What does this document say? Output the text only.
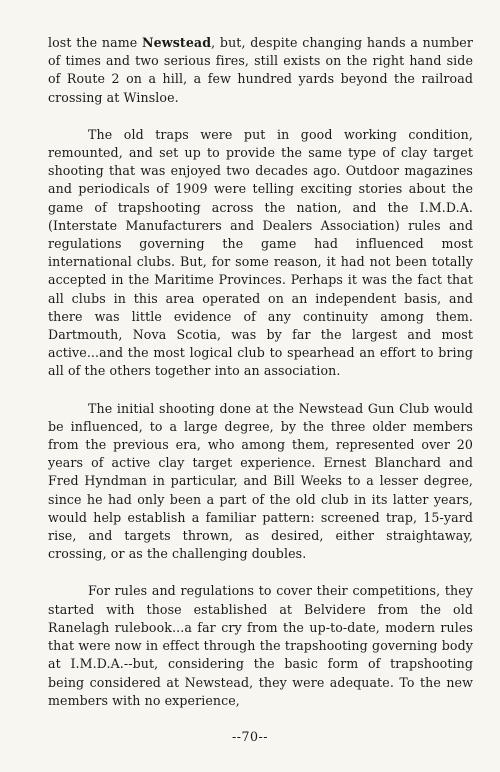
lost the name Newstead, but, despite changing hands a number of times and two serious fires, still exists on the right hand side of Route 2 on a hill, a few hundred yards beyond the railroad crossing at Winsloe.

The old traps were put in good working condition, remounted, and set up to provide the same type of clay target shooting that was enjoyed two decades ago. Outdoor magazines and periodicals of 1909 were telling exciting stories about the game of trapshooting across the nation, and the I.M.D.A. (Interstate Manufacturers and Dealers Association) rules and regulations governing the game had influenced most international clubs. But, for some reason, it had not been totally accepted in the Maritime Provinces. Perhaps it was the fact that all clubs in this area operated on an independent basis, and there was little evidence of any continuity among them. Dartmouth, Nova Scotia, was by far the largest and most active...and the most logical club to spearhead an effort to bring all of the others together into an association.

The initial shooting done at the Newstead Gun Club would be influenced, to a large degree, by the three older members from the previous era, who among them, represented over 20 years of active clay target experience. Ernest Blanchard and Fred Hyndman in particular, and Bill Weeks to a lesser degree, since he had only been a part of the old club in its latter years, would help establish a familiar pattern: screened trap, 15-yard rise, and targets thrown, as desired, either straightaway, crossing, or as the challenging doubles.

For rules and regulations to cover their competitions, they started with those established at Belvidere from the old Ranelagh rulebook...a far cry from the up-to-date, modern rules that were now in effect through the trapshooting governing body at I.M.D.A.--but, considering the basic form of trapshooting being considered at Newstead, they were adequate. To the new members with no experience,

--70--
